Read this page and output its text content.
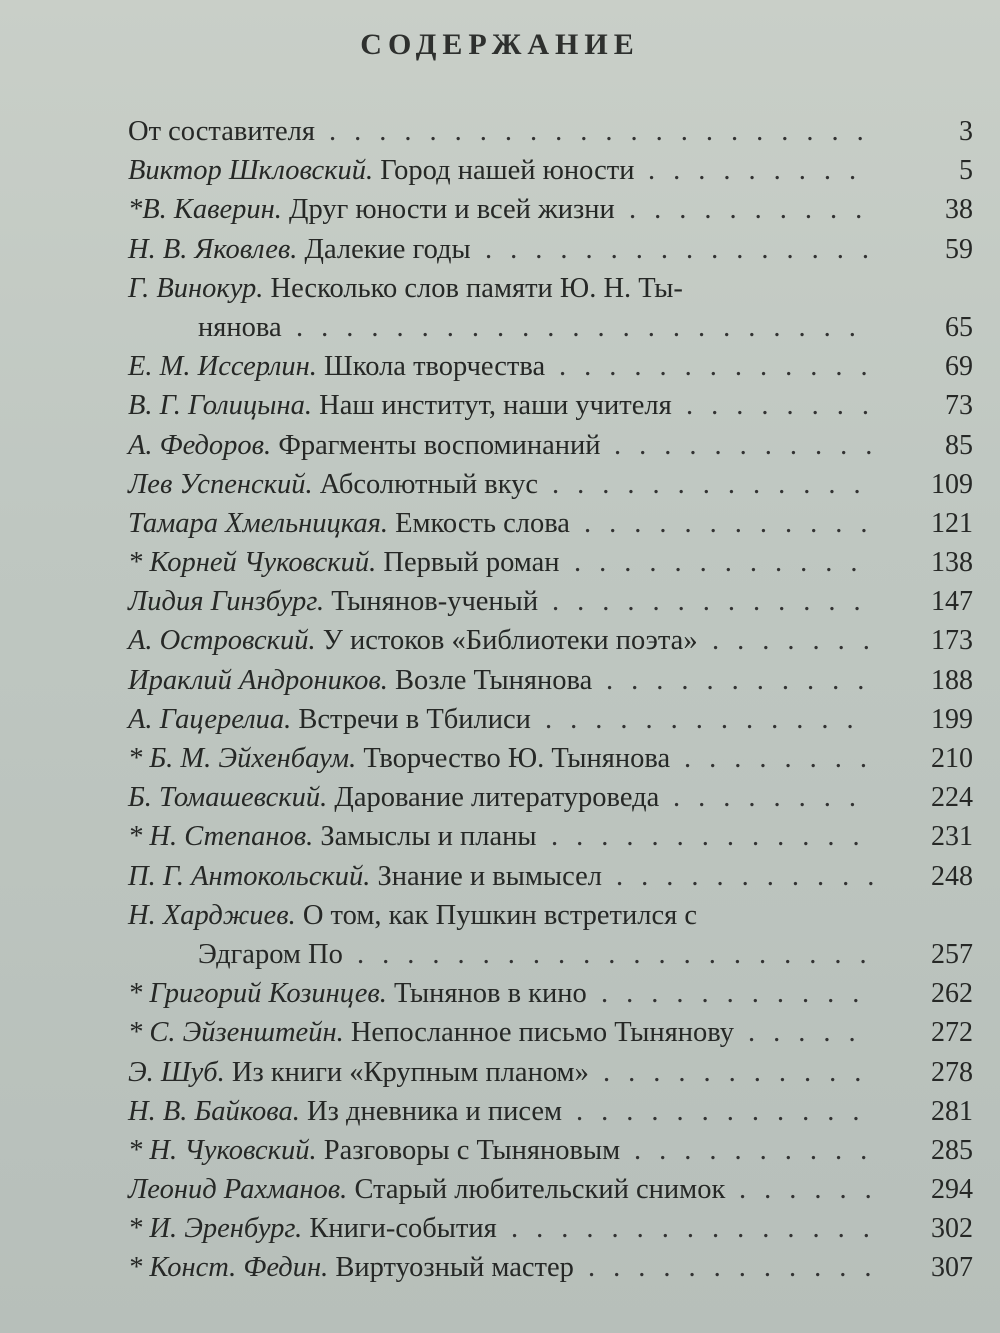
СОДЕРЖАНИЕ
От составителя	3
......................
Виктор Шкловский. Город нашей юности	5
.........
*В. Каверин. Друг юности и всей жизни	38
..........
Н. В. Яковлев. Далекие годы	59
................
Г. Винокур. Несколько слов памяти Ю. Н. Ты-
нянова	65
.......................
Е. М. Иссерлин. Школа творчества	69
.............
В. Г. Голицына. Наш институт, наши учителя	73
........
А. Федоров. Фрагменты воспоминаний	85
...........
Лев Успенский. Абсолютный вкус	109
.............
Тамара Хмельницкая. Емкость слова	121
............
* Корней Чуковский. Первый роман	138
............
Лидия Гинзбург. Тынянов-ученый	147
.............
А. Островский. У истоков «Библиотеки поэта»	173
.......
Ираклий Андроников. Возле Тынянова	188
...........
А. Гацерелиа. Встречи в Тбилиси	199
.............
* Б. М. Эйхенбаум. Творчество Ю. Тынянова	210
........
Б. Томашевский. Дарование литературоведа	224
........
* Н. Степанов. Замыслы и планы	231
.............
П. Г. Антокольский. Знание и вымысел	248
...........
Н. Харджиев. О том, как Пушкин встретился с
Эдгаром По	257
.....................
* Григорий Козинцев. Тынянов в кино	262
...........
* С. Эйзенштейн. Непосланное письмо Тынянову	272
.....
Э. Шуб. Из книги «Крупным планом»	278
...........
Н. В. Байкова. Из дневника и писем	281
............
* Н. Чуковский. Разговоры с Тыняновым	285
..........
Леонид Рахманов. Старый любительский снимок	294
......
* И. Эренбург. Книги-события	302
...............
* Конст. Федин. Виртуозный мастер	307
............
